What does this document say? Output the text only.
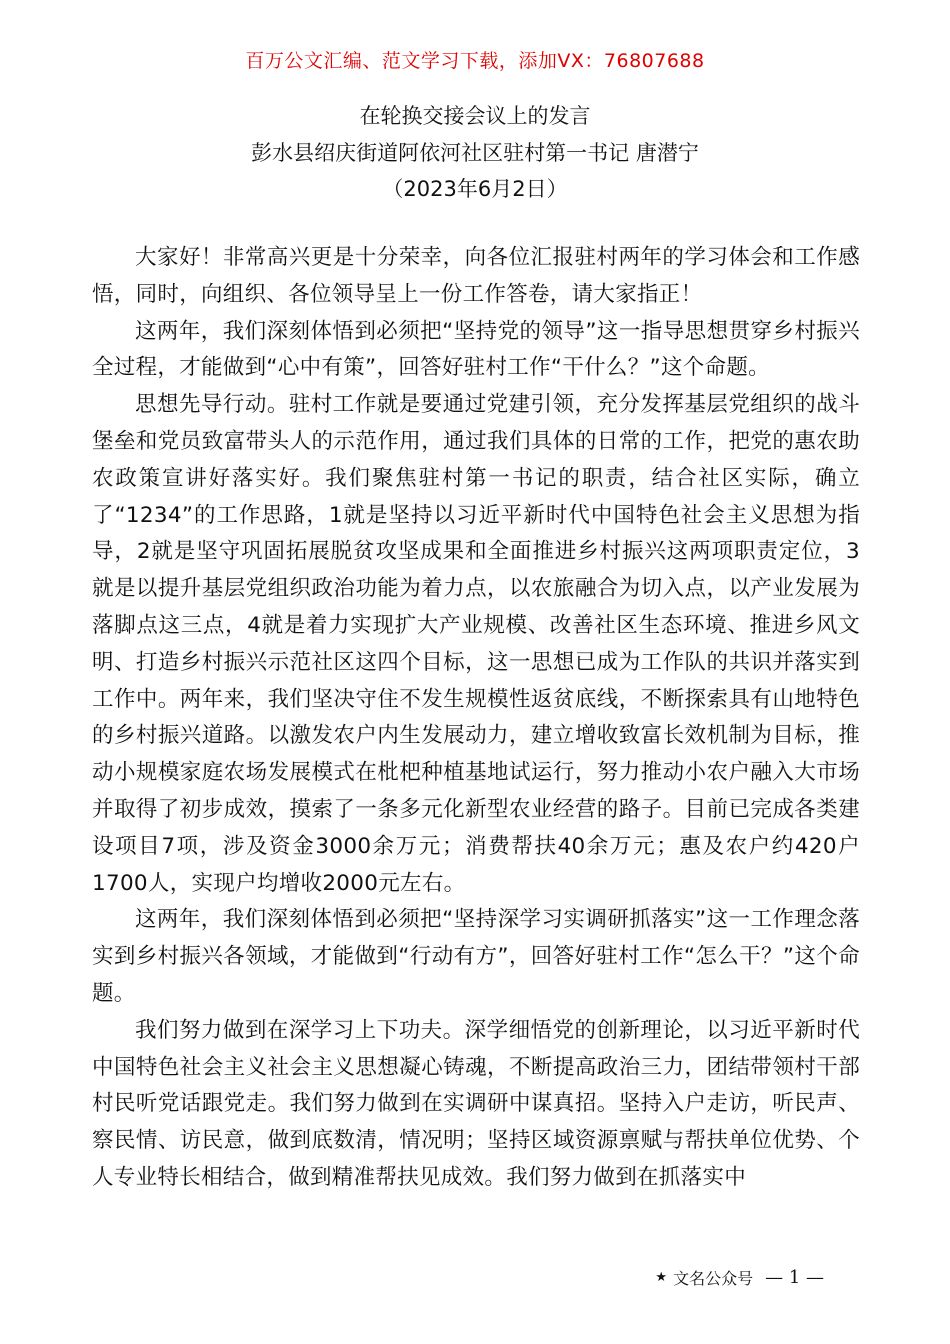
百万公文汇编、范文学习下载，添加VX：76807688
在轮换交接会议上的发言
彭水县绍庆街道阿依河社区驻村第一书记 唐潜宁
（2023年6月2日）

大家好！非常高兴更是十分荣幸，向各位汇报驻村两年的学习体会和工作感悟，同时，向组织、各位领导呈上一份工作答卷，请大家指正！

这两年，我们深刻体悟到必须把“坚持党的领导”这一指导思想贯穿乡村振兴全过程，才能做到“心中有策”，回答好驻村工作“干什么？”这个命题。

思想先导行动。驻村工作就是要通过党建引领，充分发挥基层党组织的战斗堡垒和党员致富带头人的示范作用，通过我们具体的日常的工作，把党的惠农助农政策宣讲好落实好。我们聚焦驻村第一书记的职责，结合社区实际，确立了“1234”的工作思路，1就是坚持以习近平新时代中国特色社会主义思想为指导，2就是坚守巩固拓展脱贫攻坚成果和全面推进乡村振兴这两项职责定位，3就是以提升基层党组织政治功能为着力点，以农旅融合为切入点，以产业发展为落脚点这三点，4就是着力实现扩大产业规模、改善社区生态环境、推进乡风文明、打造乡村振兴示范社区这四个目标，这一思想已成为工作队的共识并落实到工作中。两年来，我们坚决守住不发生规模性返贫底线，不断探索具有山地特色的乡村振兴道路。以激发农户内生发展动力，建立增收致富长效机制为目标，推动小规模家庭农场发展模式在枇杷种植基地试运行，努力推动小农户融入大市场并取得了初步成效，摸索了一条多元化新型农业经营的路子。目前已完成各类建设项目7项，涉及资金3000余万元；消费帮扶40余万元；惠及农户约420户1700人，实现户均增收2000元左右。

这两年，我们深刻体悟到必须把“坚持深学习实调研抓落实”这一工作理念落实到乡村振兴各领域，才能做到“行动有方”，回答好驻村工作“怎么干？”这个命题。

我们努力做到在深学习上下功夫。深学细悟党的创新理论，以习近平新时代中国特色社会主义社会主义思想凝心铸魂，不断提高政治三力，团结带领村干部村民听党话跟党走。我们努力做到在实调研中谋真招。坚持入户走访，听民声、察民情、访民意，做到底数清，情况明；坚持区域资源禀赋与帮扶单位优势、个人专业特长相结合，做到精准帮扶见成效。我们努力做到在抓落实中

★ 文名公众号 — 1 —
